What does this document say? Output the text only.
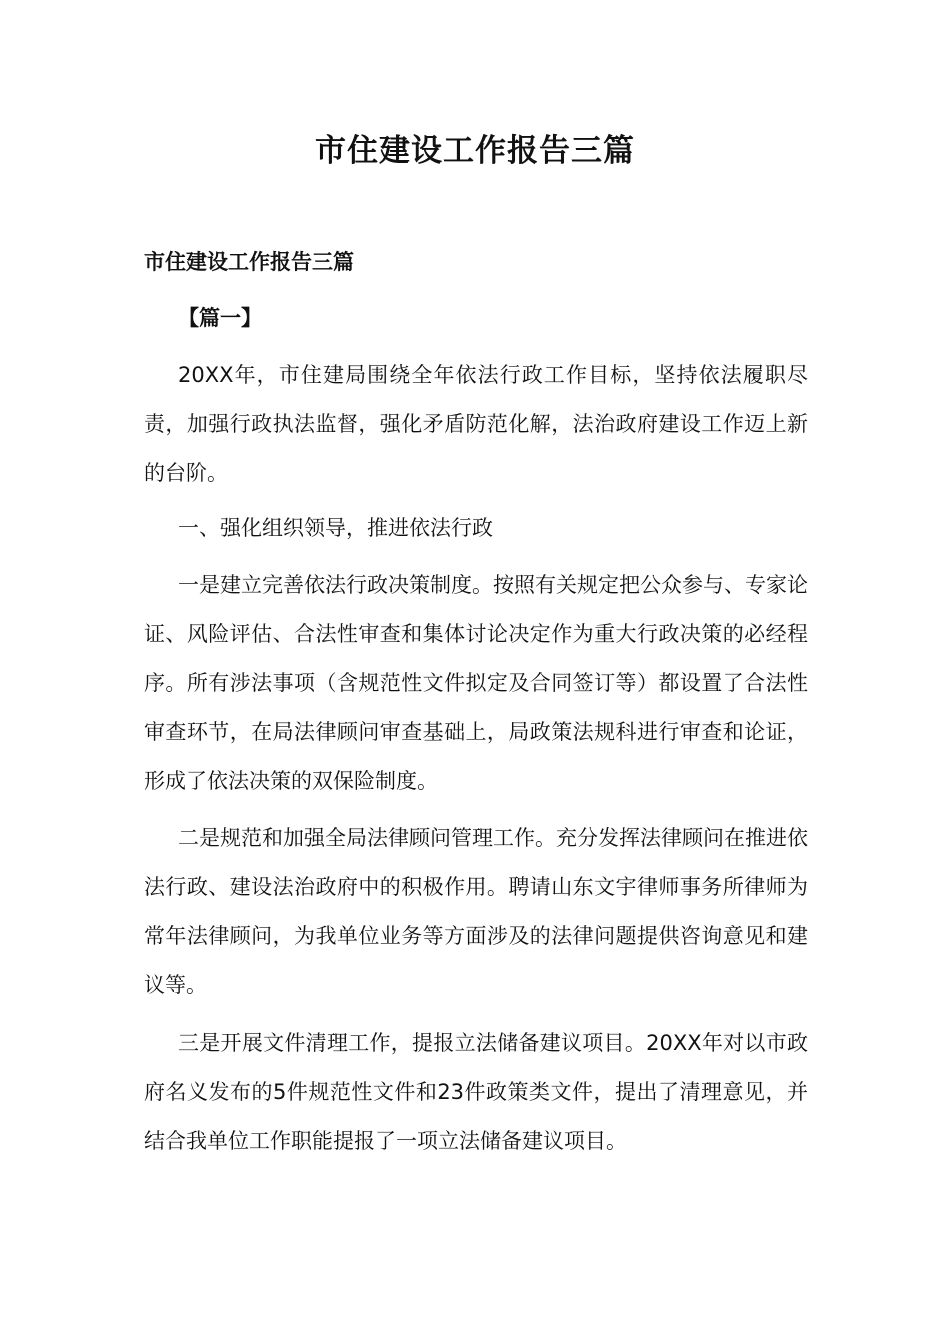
市住建设工作报告三篇
市住建设工作报告三篇
【篇一】

20XX年，市住建局围绕全年依法行政工作目标，坚持依法履职尽责，加强行政执法监督，强化矛盾防范化解，法治政府建设工作迈上新的台阶。

一、强化组织领导，推进依法行政

一是建立完善依法行政决策制度。按照有关规定把公众参与、专家论证、风险评估、合法性审查和集体讨论决定作为重大行政决策的必经程序。所有涉法事项（含规范性文件拟定及合同签订等）都设置了合法性审查环节，在局法律顾问审查基础上，局政策法规科进行审查和论证，形成了依法决策的双保险制度。

二是规范和加强全局法律顾问管理工作。充分发挥法律顾问在推进依法行政、建设法治政府中的积极作用。聘请山东文宇律师事务所律师为常年法律顾问，为我单位业务等方面涉及的法律问题提供咨询意见和建议等。

三是开展文件清理工作，提报立法储备建议项目。20XX年对以市政府名义发布的5件规范性文件和23件政策类文件，提出了清理意见，并结合我单位工作职能提报了一项立法储备建议项目。
